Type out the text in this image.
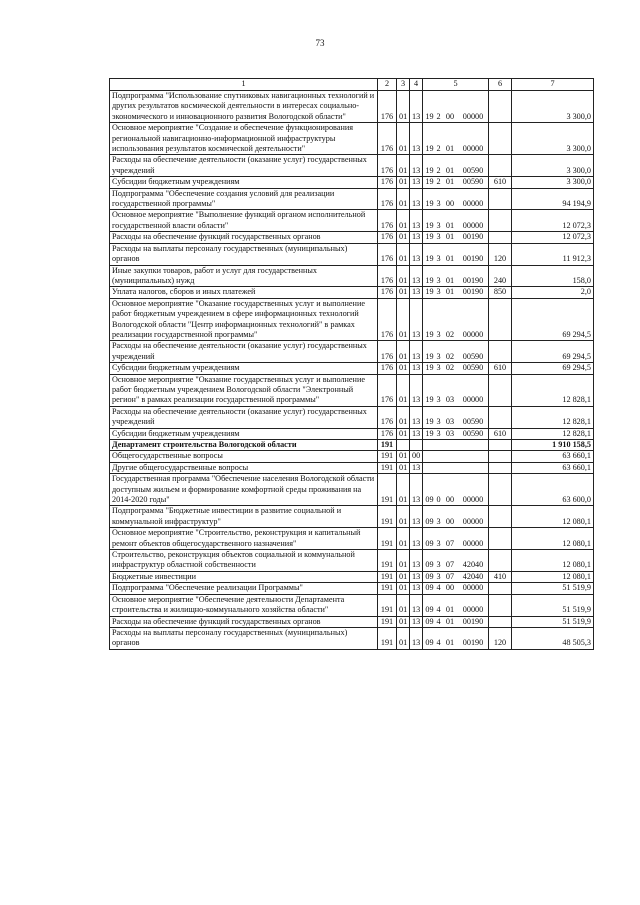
73
1	2	3	4	5	6	7
Подпрограмма "Использование спутниковых навигационных технологий и других результатов космической деятельности в интересах социально-экономического и инновационного развития Вологодской области"	176	01	13	19 2 00 00000		3 300,0
Основное мероприятие "Создание и обеспечение функционирования региональной навигационно-информационной инфраструктуры использования результатов космической деятельности"	176	01	13	19 2 01 00000		3 300,0
Расходы на обеспечение деятельности (оказание услуг) государственных учреждений	176	01	13	19 2 01 00590		3 300,0
Субсидии бюджетным учреждениям	176	01	13	19 2 01 00590	610	3 300,0
Подпрограмма "Обеспечение создания условий для реализации государственной программы"	176	01	13	19 3 00 00000		94 194,9
Основное мероприятие "Выполнение функций органом исполнительной государственной власти области"	176	01	13	19 3 01 00000		12 072,3
Расходы на обеспечение функций государственных органов	176	01	13	19 3 01 00190		12 072,3
Расходы на выплаты персоналу государственных (муниципальных) органов	176	01	13	19 3 01 00190	120	11 912,3
Иные закупки товаров, работ и услуг для государственных (муниципальных) нужд	176	01	13	19 3 01 00190	240	158,0
Уплата налогов, сборов и иных платежей	176	01	13	19 3 01 00190	850	2,0
Основное мероприятие "Оказание государственных услуг и выполнение работ бюджетным учреждением в сфере информационных технологий Вологодской области "Центр информационных технологий" в рамках реализации государственной программы"	176	01	13	19 3 02 00000		69 294,5
Расходы на обеспечение деятельности (оказание услуг) государственных учреждений	176	01	13	19 3 02 00590		69 294,5
Субсидии бюджетным учреждениям	176	01	13	19 3 02 00590	610	69 294,5
Основное мероприятие "Оказание государственных услуг и выполнение работ бюджетным учреждением Вологодской области "Электронный регион" в рамках реализации государственной программы"	176	01	13	19 3 03 00000		12 828,1
Расходы на обеспечение деятельности (оказание услуг) государственных учреждений	176	01	13	19 3 03 00590		12 828,1
Субсидии бюджетным учреждениям	176	01	13	19 3 03 00590	610	12 828,1
Департамент строительства Вологодской области	191					1 910 158,5
Общегосударственные вопросы	191	01	00			63 660,1
Другие общегосударственные вопросы	191	01	13			63 660,1
Государственная программа "Обеспечение населения Вологодской области доступным жильем и формирование комфортной среды проживания на 2014-2020 годы"	191	01	13	09 0 00 00000		63 600,0
Подпрограмма "Бюджетные инвестиции в развитие социальной и коммунальной инфраструктур"	191	01	13	09 3 00 00000		12 080,1
Основное мероприятие "Строительство, реконструкция и капитальный ремонт объектов общегосударственного назначения"	191	01	13	09 3 07 00000		12 080,1
Строительство, реконструкция объектов социальной и коммунальной инфраструктур областной собственности	191	01	13	09 3 07 42040		12 080,1
Бюджетные инвестиции	191	01	13	09 3 07 42040	410	12 080,1
Подпрограмма "Обеспечение реализации Программы"	191	01	13	09 4 00 00000		51 519,9
Основное мероприятие "Обеспечение деятельности Департамента строительства и жилищно-коммунального хозяйства области"	191	01	13	09 4 01 00000		51 519,9
Расходы на обеспечение функций государственных органов	191	01	13	09 4 01 00190		51 519,9
Расходы на выплаты персоналу государственных (муниципальных) органов	191	01	13	09 4 01 00190	120	48 505,3
